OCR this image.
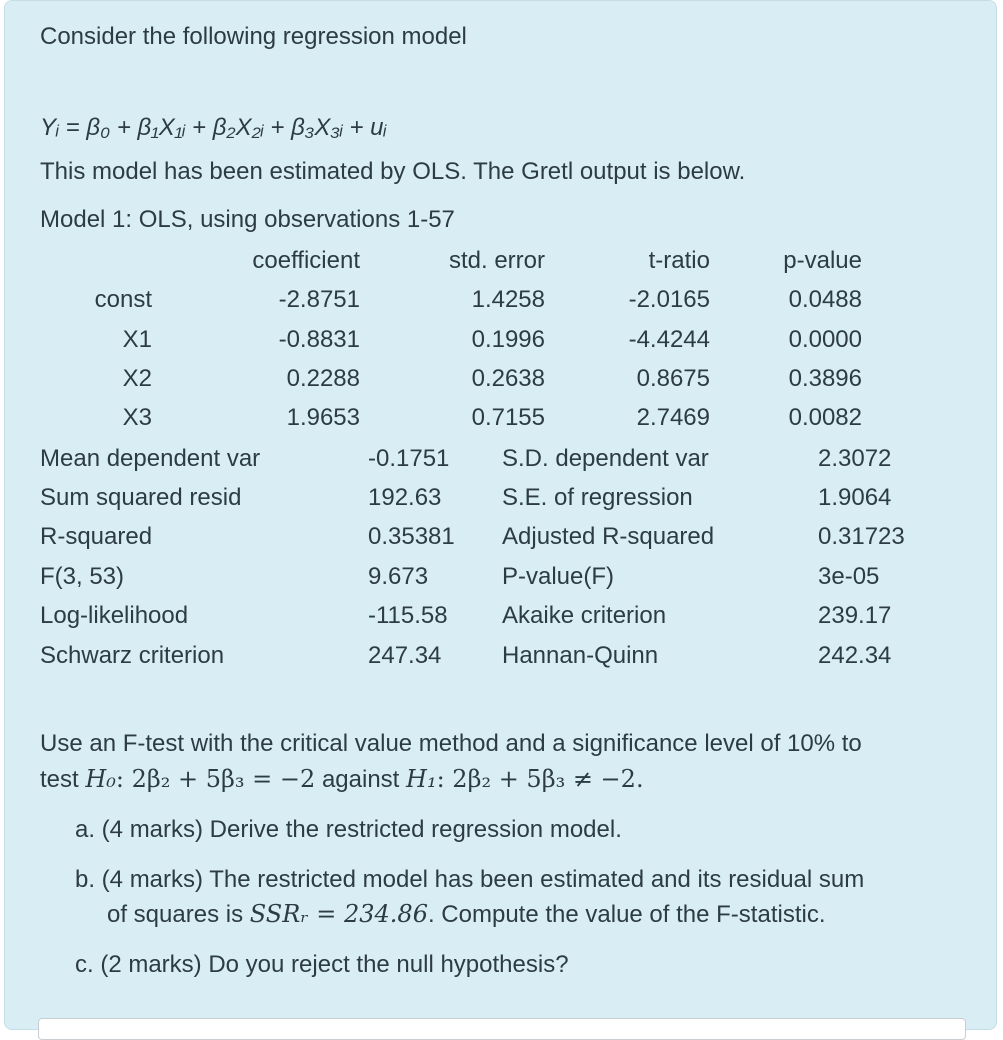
Consider the following regression model
Yᵢ = β₀ + β₁X₁ᵢ + β₂X₂ᵢ + β₃X₃ᵢ + uᵢ
This model has been estimated by OLS. The Gretl output is below.
Model 1: OLS, using observations 1-57
coefficient	std. error	t-ratio	p-value
const	-2.8751	1.4258	-2.0165	0.0488
X1	-0.8831	0.1996	-4.4244	0.0000
X2	0.2288	0.2638	0.8675	0.3896
X3	1.9653	0.7155	2.7469	0.0082
Mean dependent var	-0.1751 S.D. dependent var	2.3072
Sum squared resid	192.63	S.E. of regression	1.9064
R-squared	0.35381 Adjusted R-squared	0.31723
F(3, 53)	9.673	P-value(F)	3e-05
Log-likelihood	-115.58 Akaike criterion	239.17
Schwarz criterion	247.34	Hannan-Quinn	242.34
Use an F-test with the critical value method and a significance level of 10% to
test H₀: 2β₂ + 5β₃ = −2 against H₁: 2β₂ + 5β₃ ≠ −2.
a. (4 marks) Derive the restricted regression model.
b. (4 marks) The restricted model has been estimated and its residual sum
of squares is SSRᵣ = 234.86. Compute the value of the F-statistic.
c. (2 marks) Do you reject the null hypothesis?
